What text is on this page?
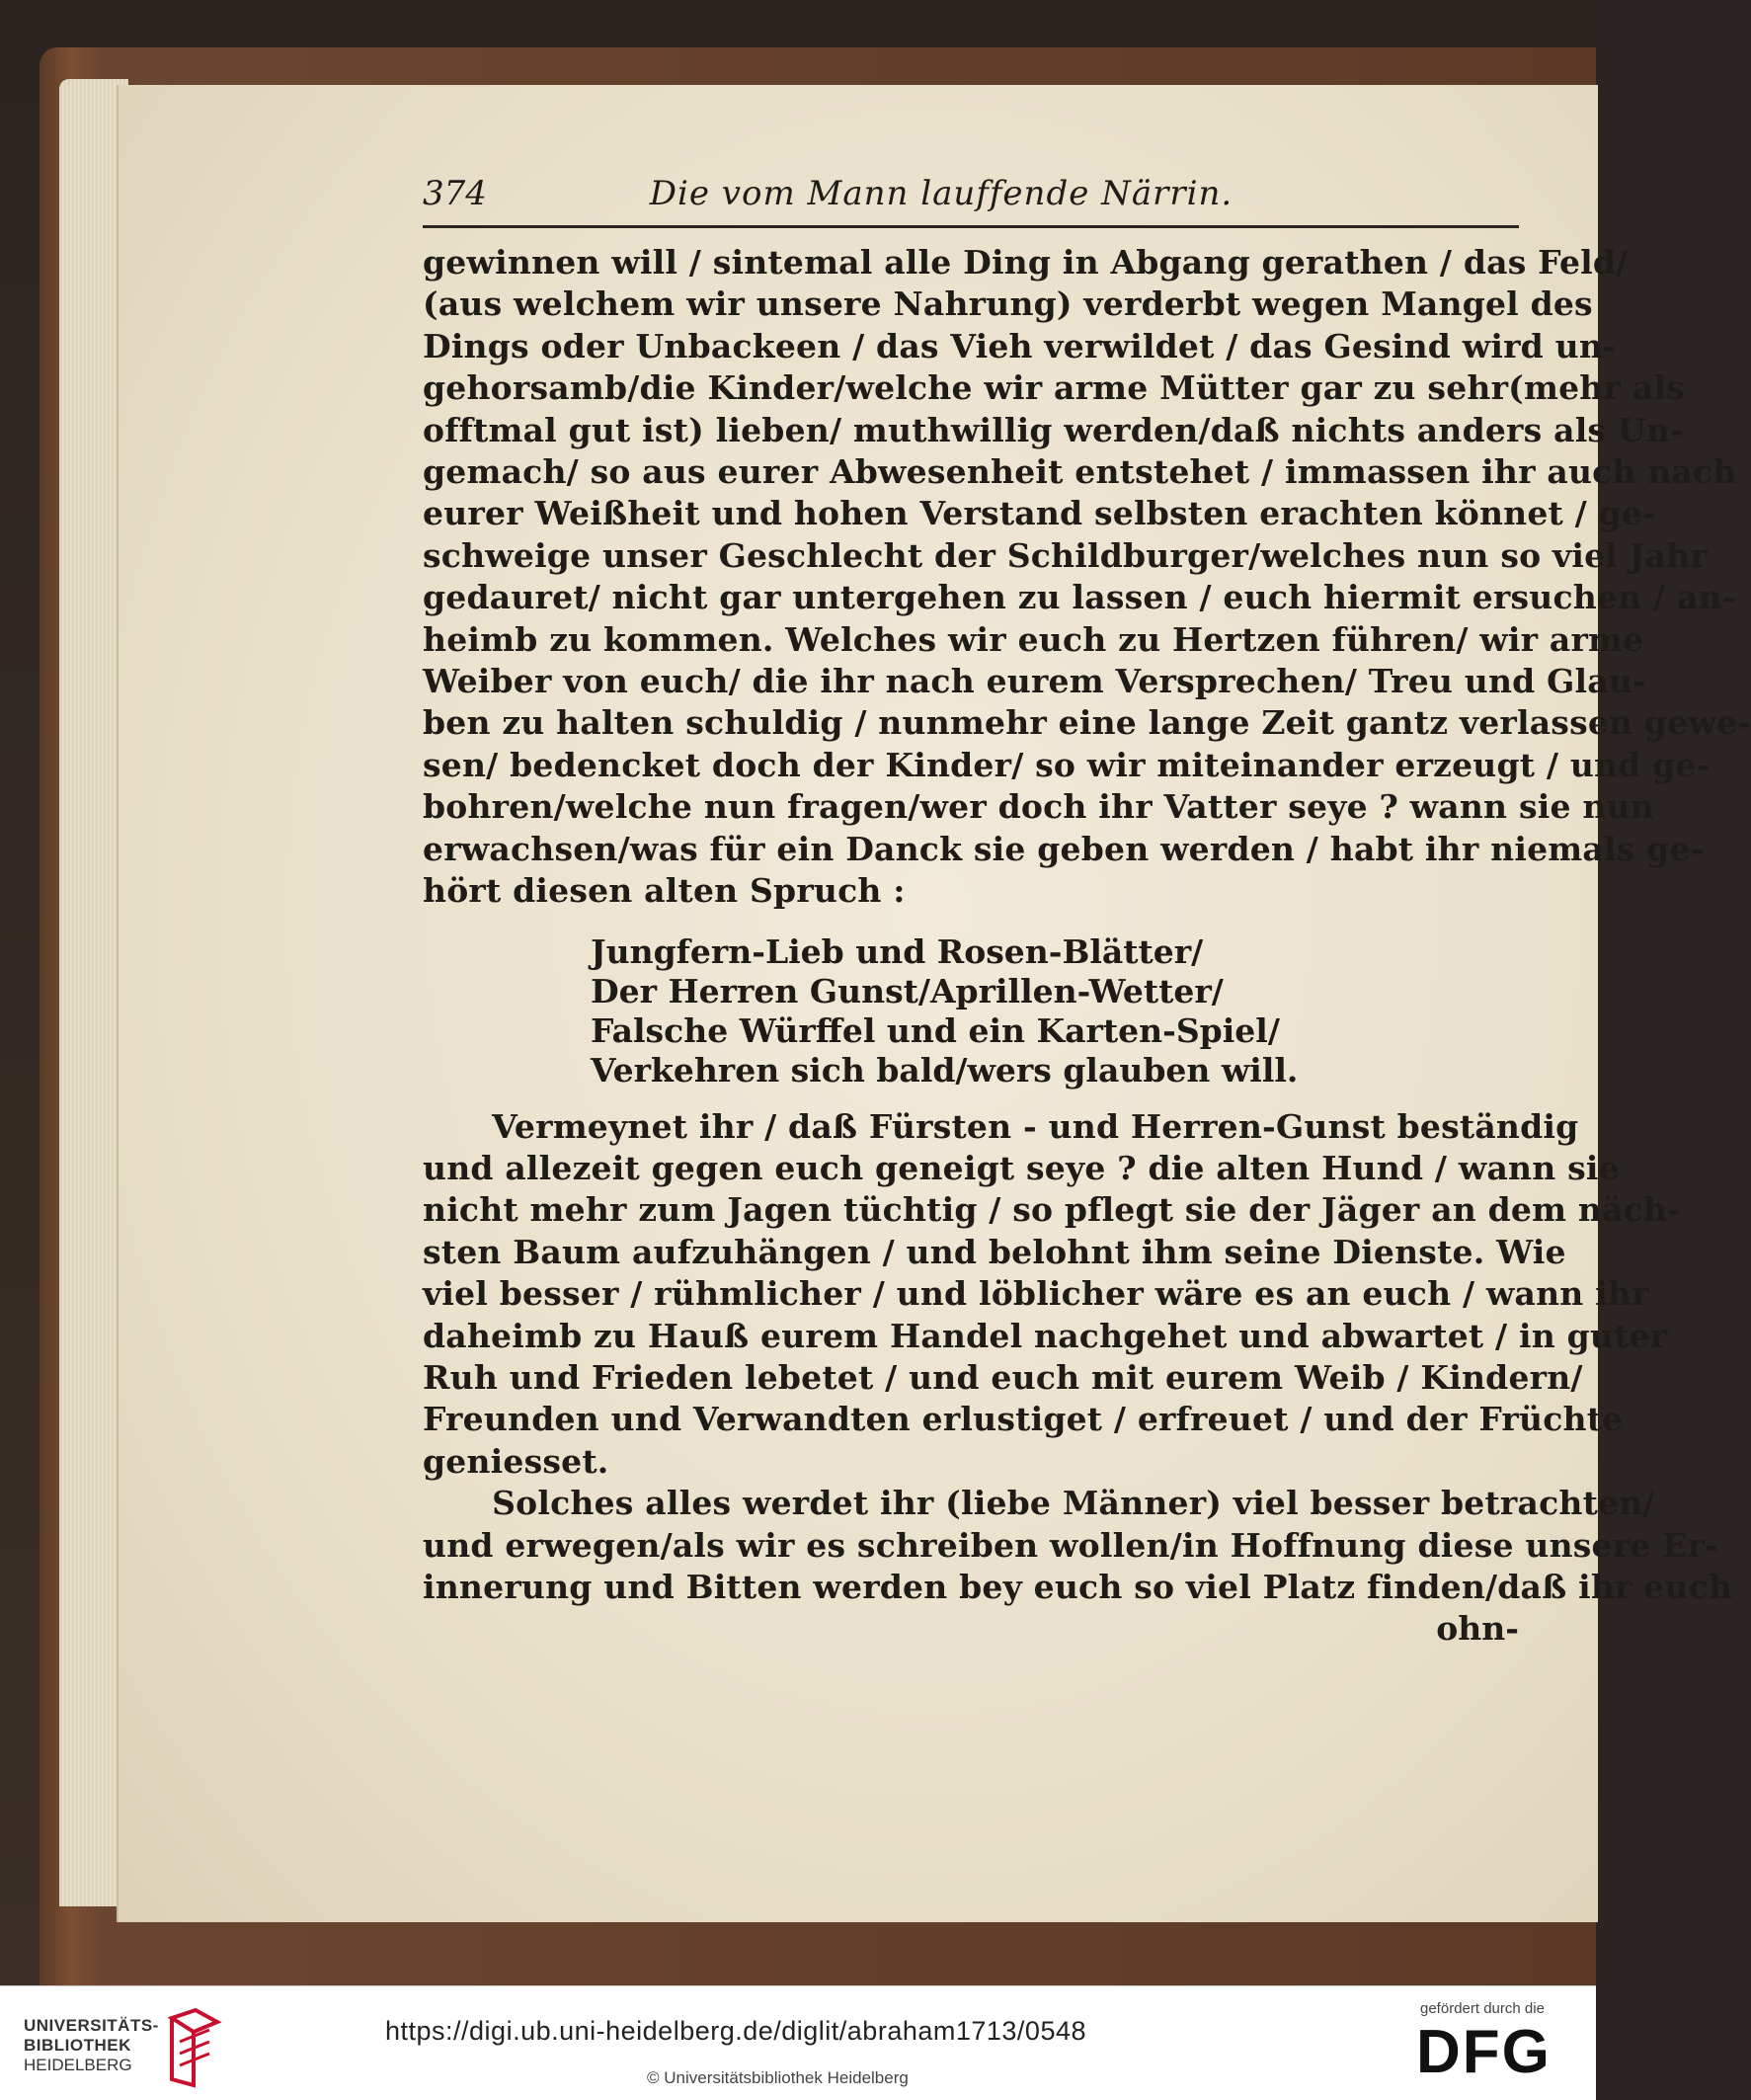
374	Die vom Mann lauffende Närrin.
gewinnen will / sintemal alle Ding in Abgang gerathen / das Feld/
(aus welchem wir unsere Nahrung) verderbt wegen Mangel des
Dings oder Unbackeen / das Vieh verwildet / das Gesind wird un-
gehorsamb/die Kinder/welche wir arme Mütter gar zu sehr(mehr als
offtmal gut ist) lieben/ muthwillig werden/daß nichts anders als Un-
gemach/ so aus eurer Abwesenheit entstehet / immassen ihr auch nach
eurer Weißheit und hohen Verstand selbsten erachten könnet / ge-
schweige unser Geschlecht der Schildburger/welches nun so viel Jahr
gedauret/ nicht gar untergehen zu lassen / euch hiermit ersuchen / an-
heimb zu kommen. Welches wir euch zu Hertzen führen/ wir arme
Weiber von euch/ die ihr nach eurem Versprechen/ Treu und Glau-
ben zu halten schuldig / nunmehr eine lange Zeit gantz verlassen gewe-
sen/ bedencket doch der Kinder/ so wir miteinander erzeugt / und ge-
bohren/welche nun fragen/wer doch ihr Vatter seye ? wann sie nun
erwachsen/was für ein Danck sie geben werden / habt ihr niemals ge-
hört diesen alten Spruch :
Jungfern-Lieb und Rosen-Blätter/
Der Herren Gunst/Aprillen-Wetter/
Falsche Würffel und ein Karten-Spiel/
Verkehren sich bald/wers glauben will.
Vermeynet ihr / daß Fürsten - und Herren-Gunst beständig
und allezeit gegen euch geneigt seye ? die alten Hund / wann sie
nicht mehr zum Jagen tüchtig / so pflegt sie der Jäger an dem näch-
sten Baum aufzuhängen / und belohnt ihm seine Dienste. Wie
viel besser / rühmlicher / und löblicher wäre es an euch / wann ihr
daheimb zu Hauß eurem Handel nachgehet und abwartet / in guter
Ruh und Frieden lebetet / und euch mit eurem Weib / Kindern/
Freunden und Verwandten erlustiget / erfreuet / und der Früchte
geniesset.
Solches alles werdet ihr (liebe Männer) viel besser betrachten/
und erwegen/als wir es schreiben wollen/in Hoffnung diese unsere Er-
innerung und Bitten werden bey euch so viel Platz finden/daß ihr euch
ohn-
UNIVERSITÄTS-
BIBLIOTHEK
HEIDELBERG
https://digi.ub.uni-heidelberg.de/diglit/abraham1713/0548
© Universitätsbibliothek Heidelberg
gefördert durch die
DFG
